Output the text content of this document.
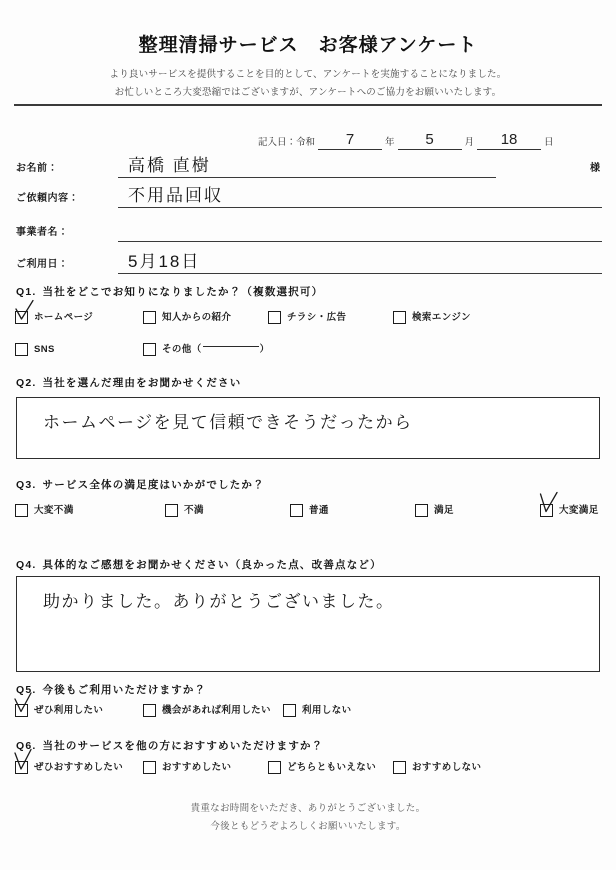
整理清掃サービス　お客様アンケート
より良いサービスを提供することを目的として、アンケートを実施することになりました。
お忙しいところ大変恐縮ではございますが、アンケートへのご協力をお願いいたします。
記入日：令和	7	年	5	月	18	日
お名前：	高橋 直樹	様
ご依頼内容：	不用品回収
事業者名：
ご利用日：	5月18日
Q1. 当社をどこでお知りになりましたか？（複数選択可）
ホームページ	知人からの紹介	チラシ・広告	検索エンジン
SNS	その他（	）
Q2. 当社を選んだ理由をお聞かせください
ホームページを見て信頼できそうだったから
Q3. サービス全体の満足度はいかがでしたか？
大変不満	不満	普通	満足	大変満足
Q4. 具体的なご感想をお聞かせください（良かった点、改善点など）
助かりました。ありがとうございました。
Q5. 今後もご利用いただけますか？
ぜひ利用したい	機会があれば利用したい	利用しない
Q6. 当社のサービスを他の方におすすめいただけますか？
ぜひおすすめしたい	おすすめしたい	どちらともいえない	おすすめしない
貴重なお時間をいただき、ありがとうございました。
今後ともどうぞよろしくお願いいたします。
